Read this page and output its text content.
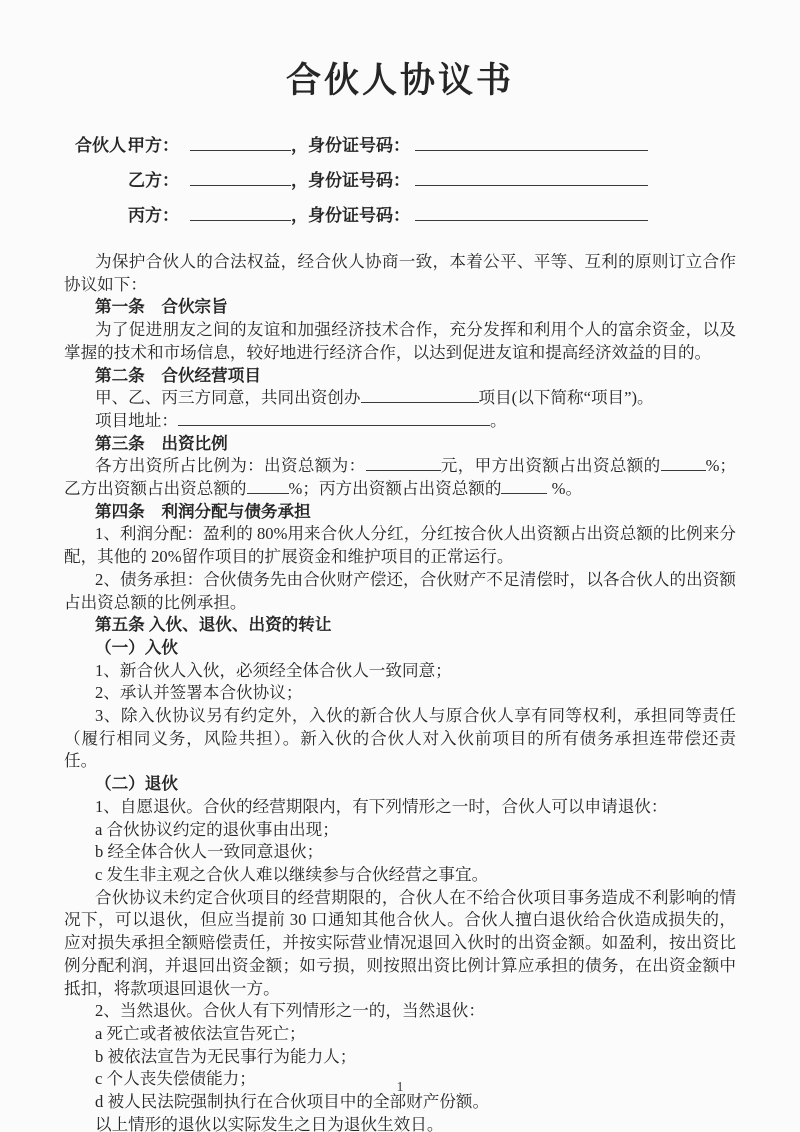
合伙人协议书
合伙人：甲方：	，身份证号码：
乙方：	，身份证号码：
丙方：	，身份证号码：

为保护合伙人的合法权益，经合伙人协商一致，本着公平、平等、互利的原则订立合作协议如下：

第一条　合伙宗旨

为了促进朋友之间的友谊和加强经济技术合作，充分发挥和利用个人的富余资金，以及掌握的技术和市场信息，较好地进行经济合作，以达到促进友谊和提高经济效益的目的。

第二条　合伙经营项目

甲、乙、丙三方同意，共同出资创办	项目(以下简称“项目”)。

项目地址：	。

第三条　出资比例

各方出资所占比例为：出资总额为：	元，甲方出资额占出资总额的	%；乙方出资额占出资总额的	%；丙方出资额占出资总额的	%。

第四条　利润分配与债务承担

1、利润分配：盈利的 80%用来合伙人分红，分红按合伙人出资额占出资总额的比例来分配，其他的 20%留作项目的扩展资金和维护项目的正常运行。

2、债务承担：合伙债务先由合伙财产偿还，合伙财产不足清偿时，以各合伙人的出资额占出资总额的比例承担。

第五条 入伙、退伙、出资的转让

（一）入伙

1、新合伙人入伙，必须经全体合伙人一致同意；

2、承认并签署本合伙协议；

3、除入伙协议另有约定外，入伙的新合伙人与原合伙人享有同等权利，承担同等责任（履行相同义务，风险共担）。新入伙的合伙人对入伙前项目的所有债务承担连带偿还责任。

（二）退伙

1、自愿退伙。合伙的经营期限内，有下列情形之一时，合伙人可以申请退伙：

a 合伙协议约定的退伙事由出现；

b 经全体合伙人一致同意退伙；

c 发生非主观之合伙人难以继续参与合伙经营之事宜。

合伙协议未约定合伙项目的经营期限的，合伙人在不给合伙项目事务造成不利影响的情况下，可以退伙，但应当提前 30 口通知其他合伙人。合伙人擅白退伙给合伙造成损失的，应对损失承担全额赔偿责任，并按实际营业情况退回入伙时的出资金额。如盈利，按出资比例分配利润，并退回出资金额；如亏损，则按照出资比例计算应承担的债务，在出资金额中抵扣，将款项退回退伙一方。

2、当然退伙。合伙人有下列情形之一的，当然退伙：

a 死亡或者被依法宣告死亡；

b 被依法宣告为无民事行为能力人；

c 个人丧失偿债能力；

d 被人民法院强制执行在合伙项目中的全部财产份额。

以上情形的退伙以实际发生之日为退伙生效日。

1
